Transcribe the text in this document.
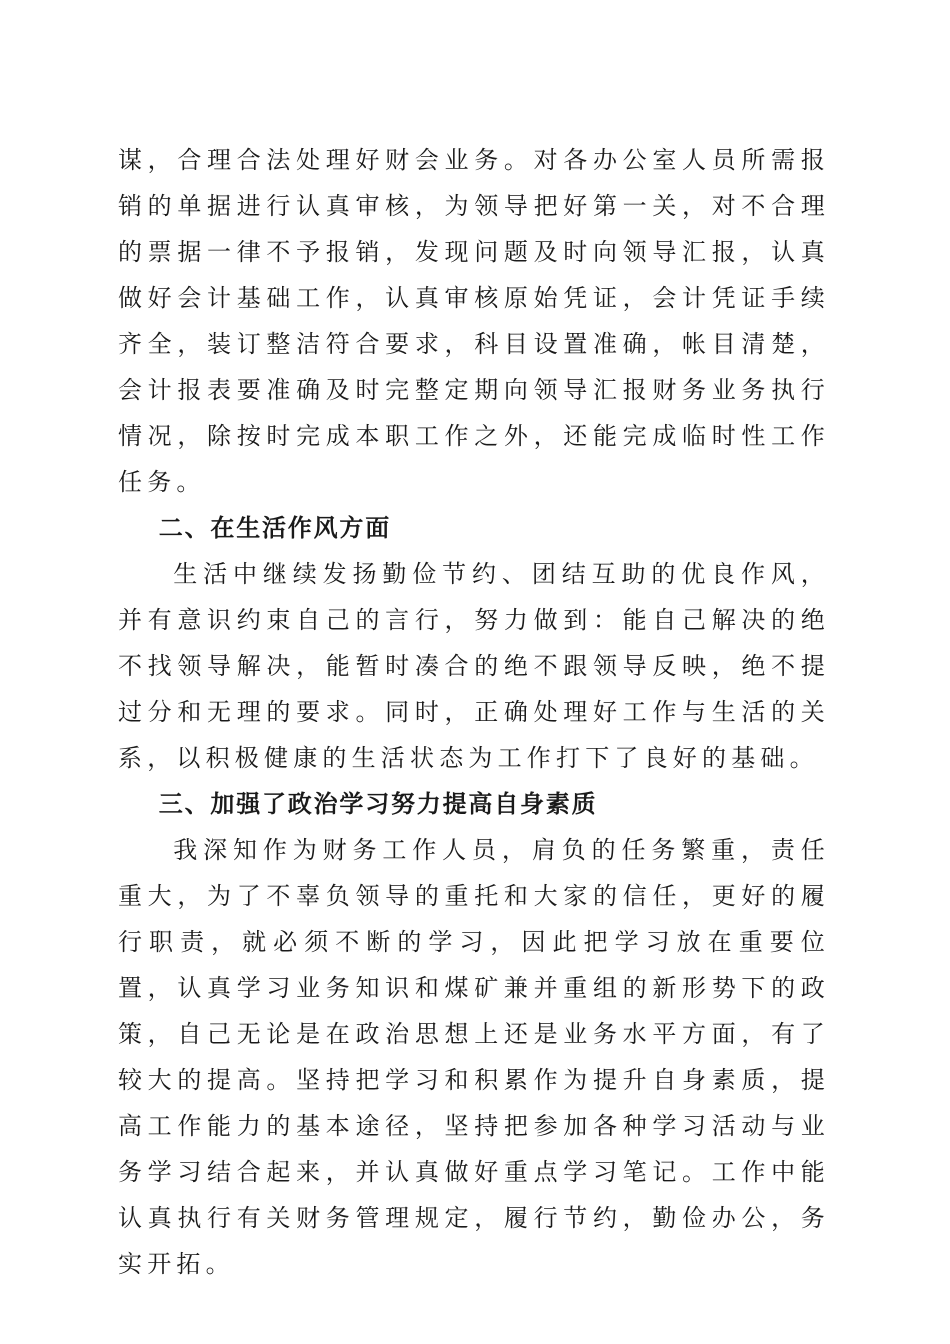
谋，合理合法处理好财会业务。对各办公室人员所需报销的单据进行认真审核，为领导把好第一关，对不合理的票据一律不予报销，发现问题及时向领导汇报，认真做好会计基础工作，认真审核原始凭证，会计凭证手续齐全，装订整洁符合要求，科目设置准确，帐目清楚，会计报表要准确及时完整定期向领导汇报财务业务执行情况，除按时完成本职工作之外，还能完成临时性工作任务。

二、在生活作风方面

生活中继续发扬勤俭节约、团结互助的优良作风，并有意识约束自己的言行，努力做到：能自己解决的绝不找领导解决，能暂时凑合的绝不跟领导反映，绝不提过分和无理的要求。同时，正确处理好工作与生活的关系，以积极健康的生活状态为工作打下了良好的基础。

三、加强了政治学习努力提高自身素质

我深知作为财务工作人员，肩负的任务繁重，责任重大，为了不辜负领导的重托和大家的信任，更好的履行职责，就必须不断的学习，因此把学习放在重要位置，认真学习业务知识和煤矿兼并重组的新形势下的政策，自己无论是在政治思想上还是业务水平方面，有了较大的提高。坚持把学习和积累作为提升自身素质，提高工作能力的基本途径，坚持把参加各种学习活动与业务学习结合起来，并认真做好重点学习笔记。工作中能认真执行有关财务管理规定，履行节约，勤俭办公，务实开拓。
